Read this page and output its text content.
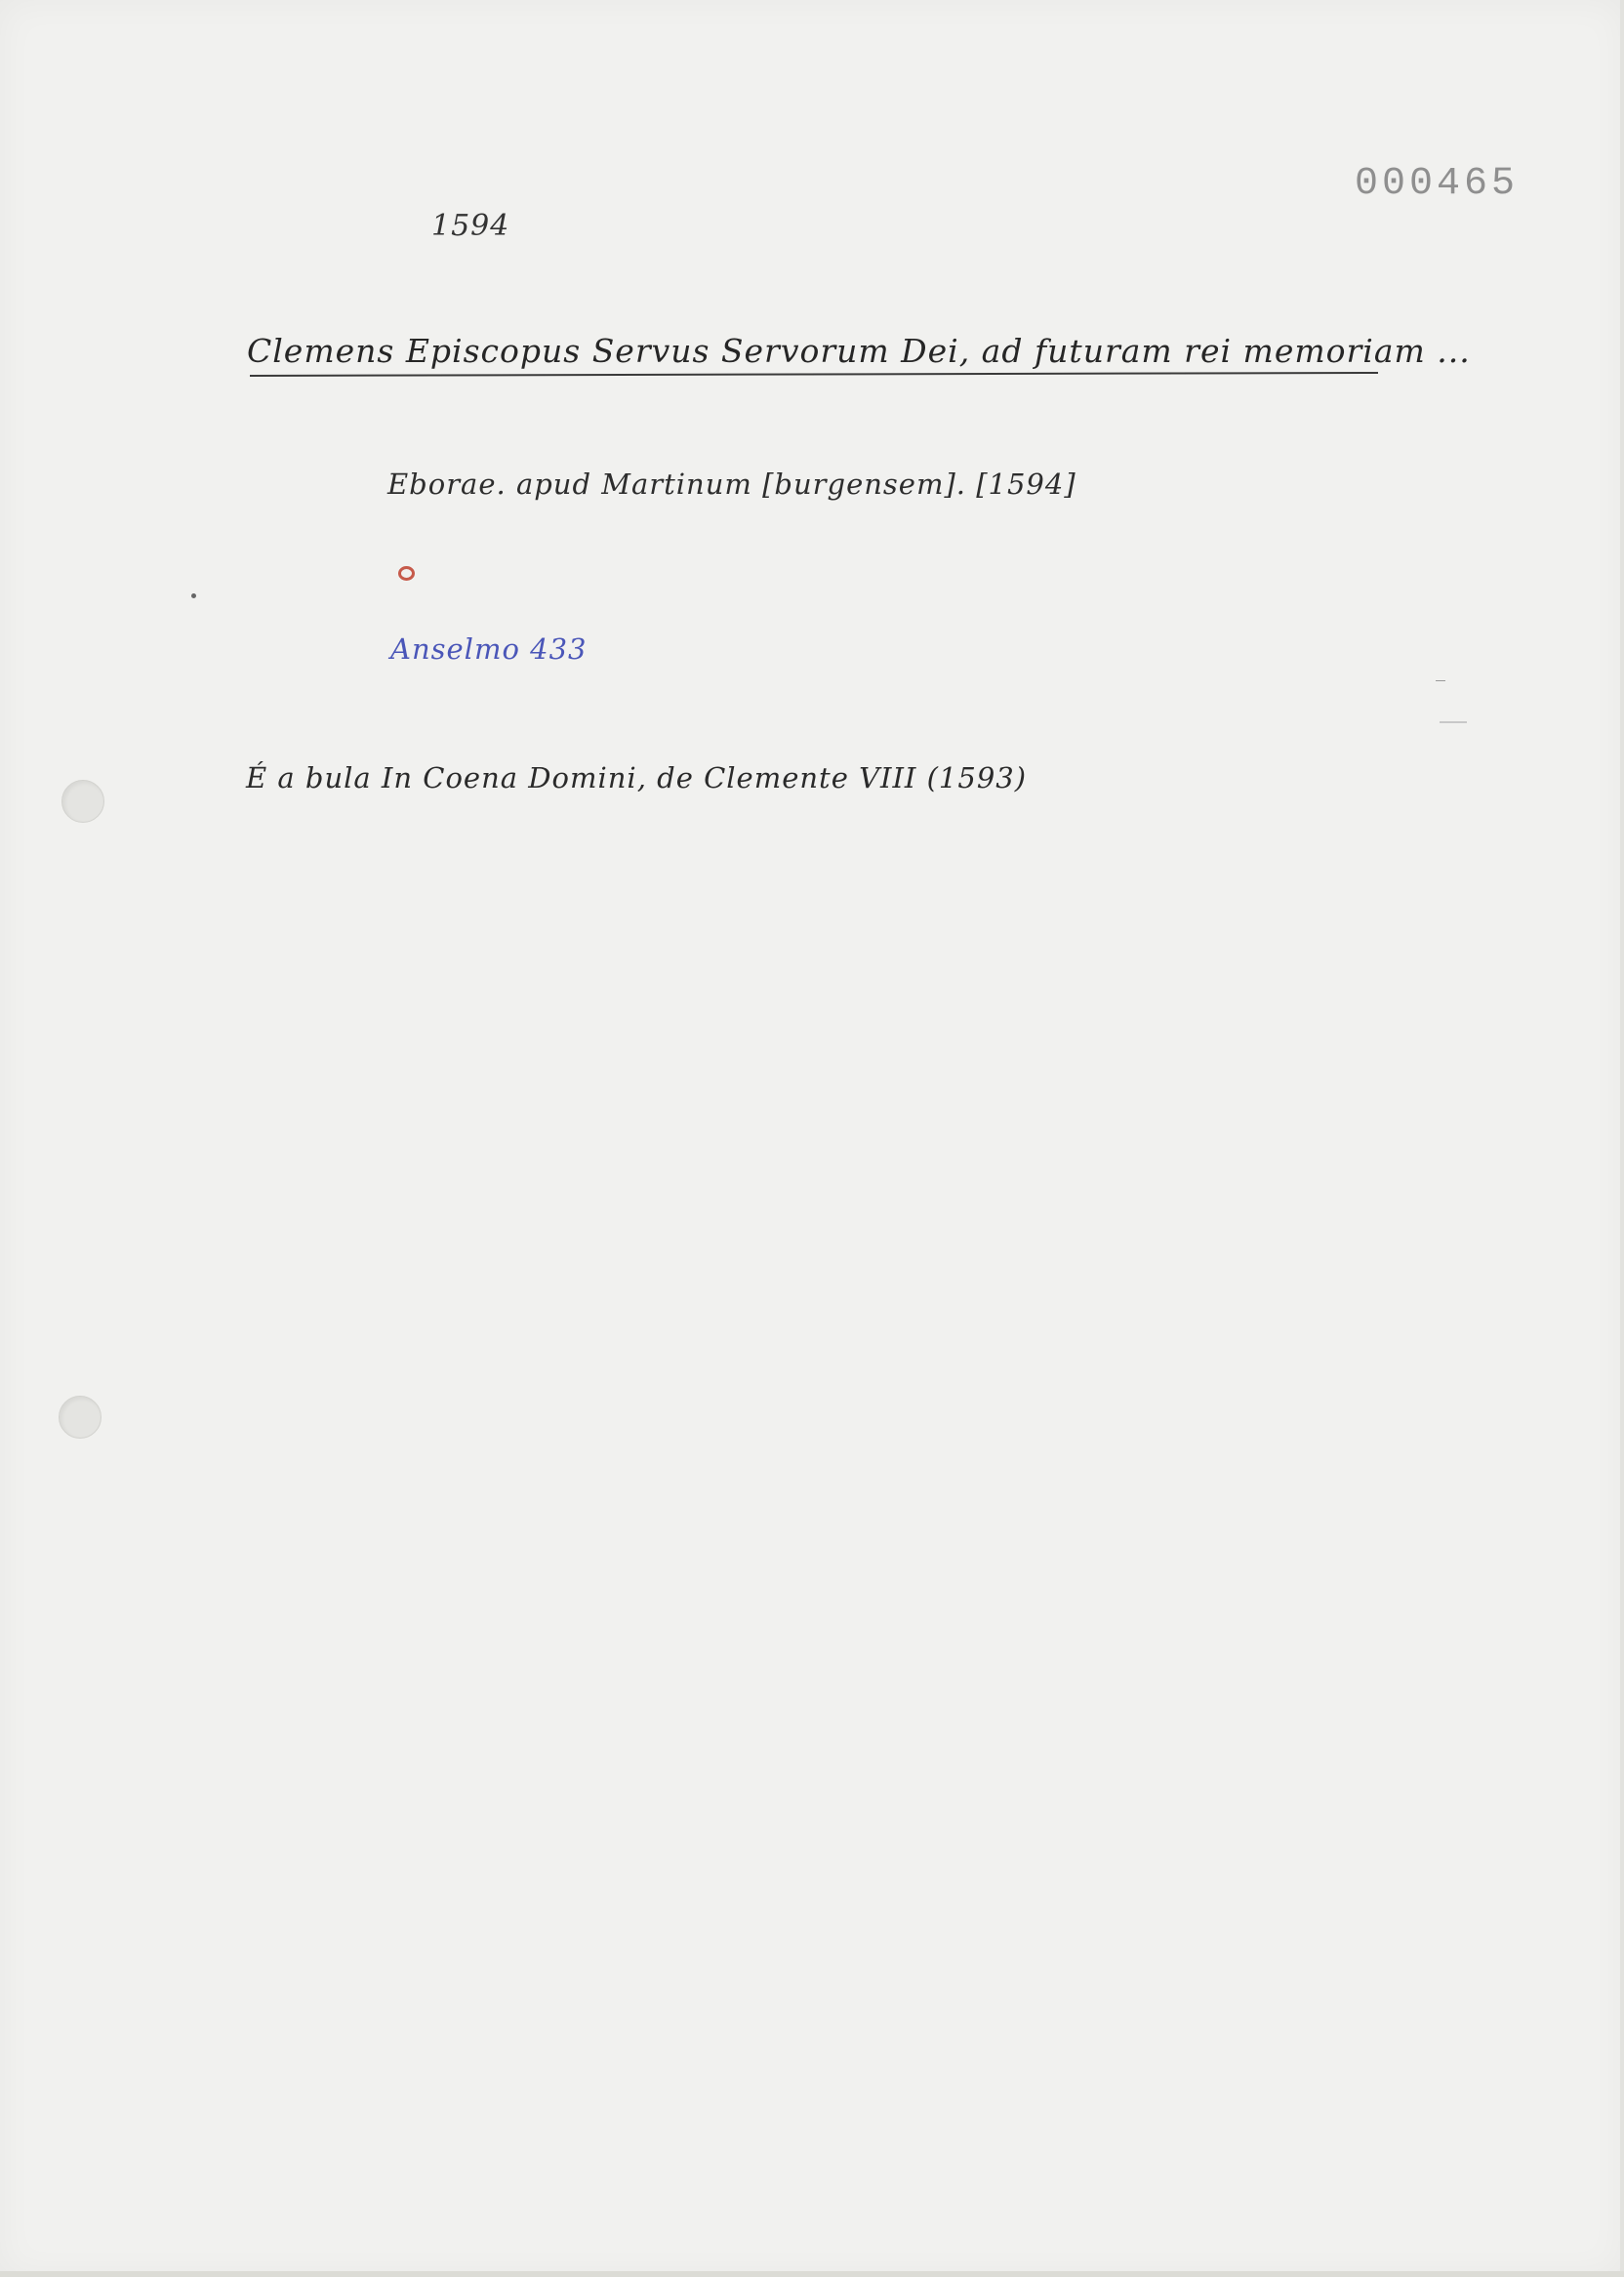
000465
1594
Clemens Episcopus Servus Servorum Dei, ad futuram rei memoriam ...
Eborae. apud Martinum [burgensem]. [1594]
Anselmo 433
É a bula In Coena Domini, de Clemente VIII (1593)
